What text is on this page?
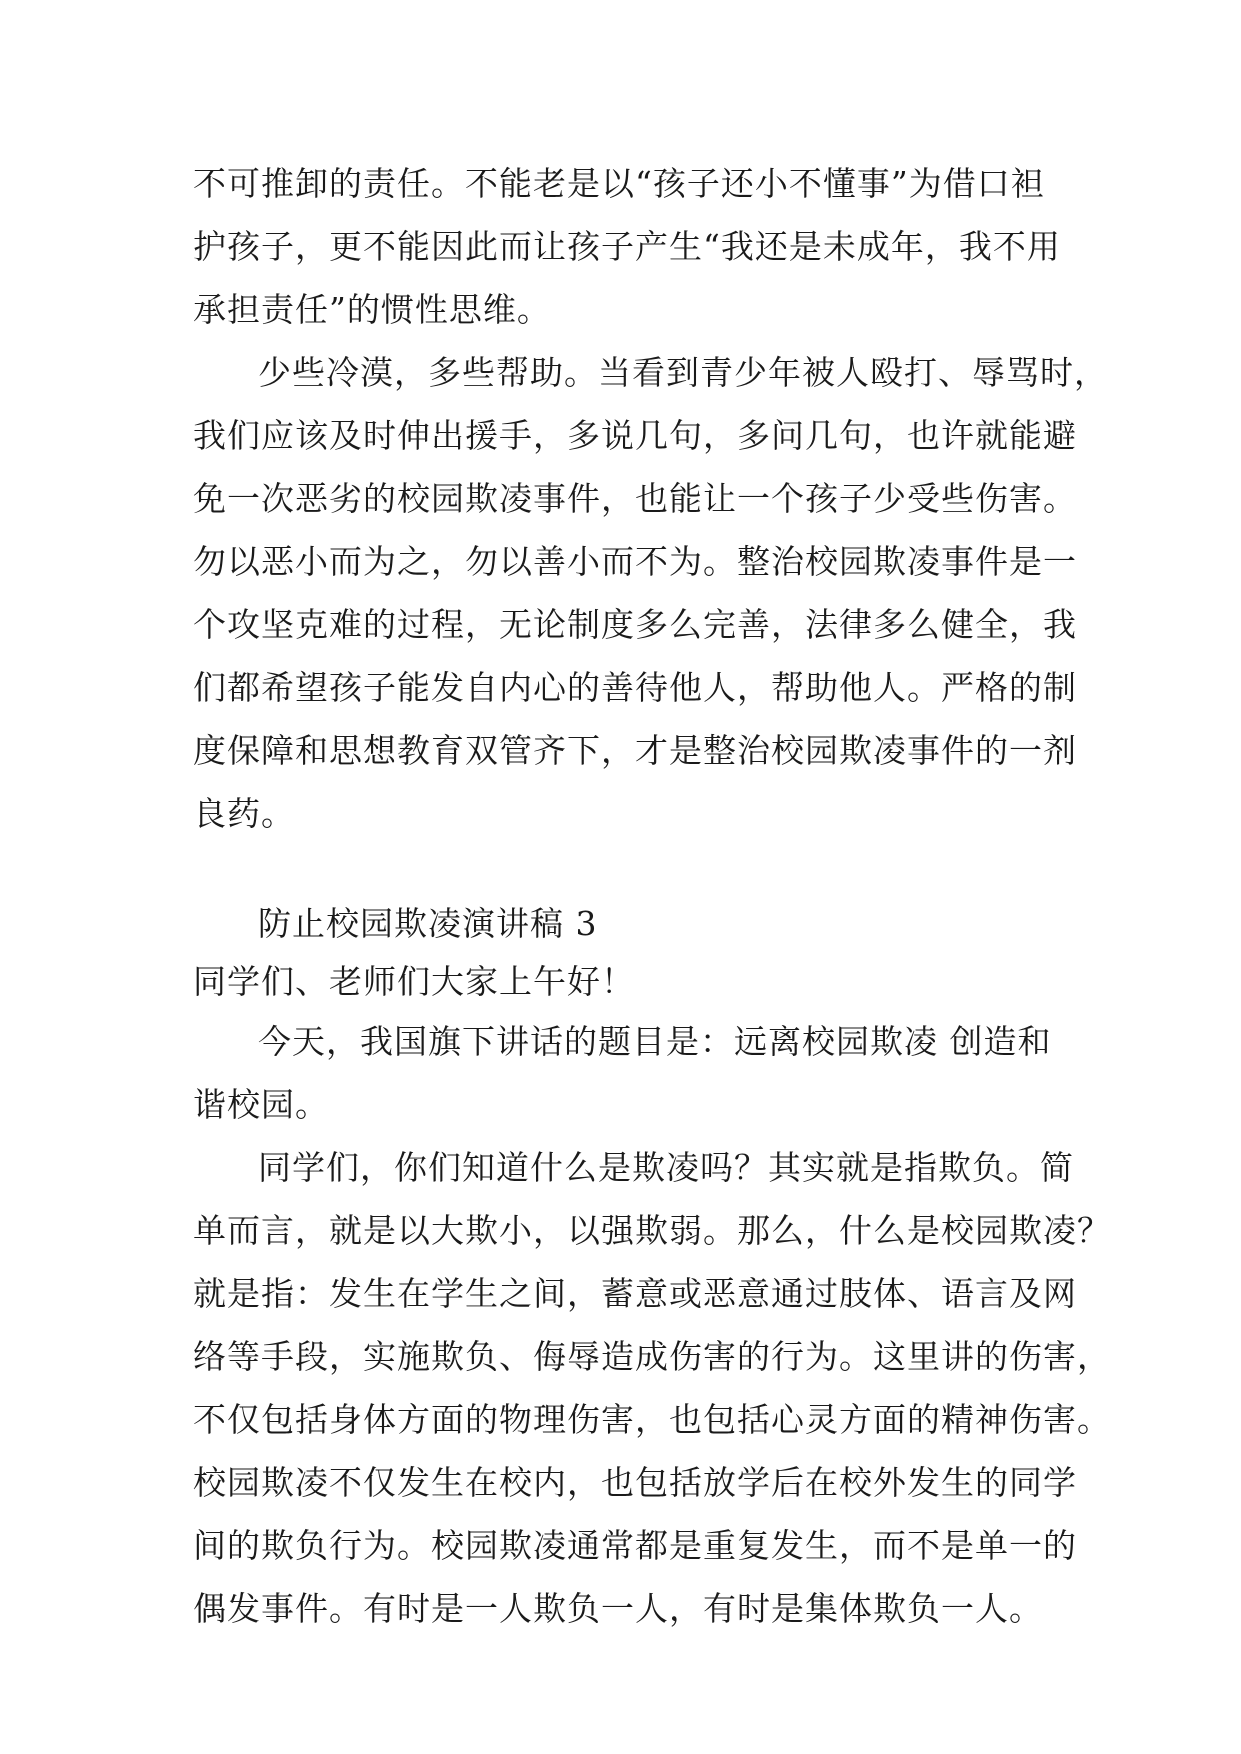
不可推卸的责任。不能老是以“孩子还小不懂事”为借口袒
护孩子，更不能因此而让孩子产生“我还是未成年，我不用
承担责任”的惯性思维。
少些冷漠，多些帮助。当看到青少年被人殴打、辱骂时，
我们应该及时伸出援手，多说几句，多问几句，也许就能避
免一次恶劣的校园欺凌事件，也能让一个孩子少受些伤害。
勿以恶小而为之，勿以善小而不为。整治校园欺凌事件是一
个攻坚克难的过程，无论制度多么完善，法律多么健全，我
们都希望孩子能发自内心的善待他人，帮助他人。严格的制
度保障和思想教育双管齐下，才是整治校园欺凌事件的一剂
良药。
防止校园欺凌演讲稿 3
同学们、老师们大家上午好！
今天，我国旗下讲话的题目是：远离校园欺凌 创造和
谐校园。
同学们，你们知道什么是欺凌吗？其实就是指欺负。简
单而言，就是以大欺小，以强欺弱。那么，什么是校园欺凌？
就是指：发生在学生之间，蓄意或恶意通过肢体、语言及网
络等手段，实施欺负、侮辱造成伤害的行为。这里讲的伤害，
不仅包括身体方面的物理伤害，也包括心灵方面的精神伤害。
校园欺凌不仅发生在校内，也包括放学后在校外发生的同学
间的欺负行为。校园欺凌通常都是重复发生，而不是单一的
偶发事件。有时是一人欺负一人，有时是集体欺负一人。
